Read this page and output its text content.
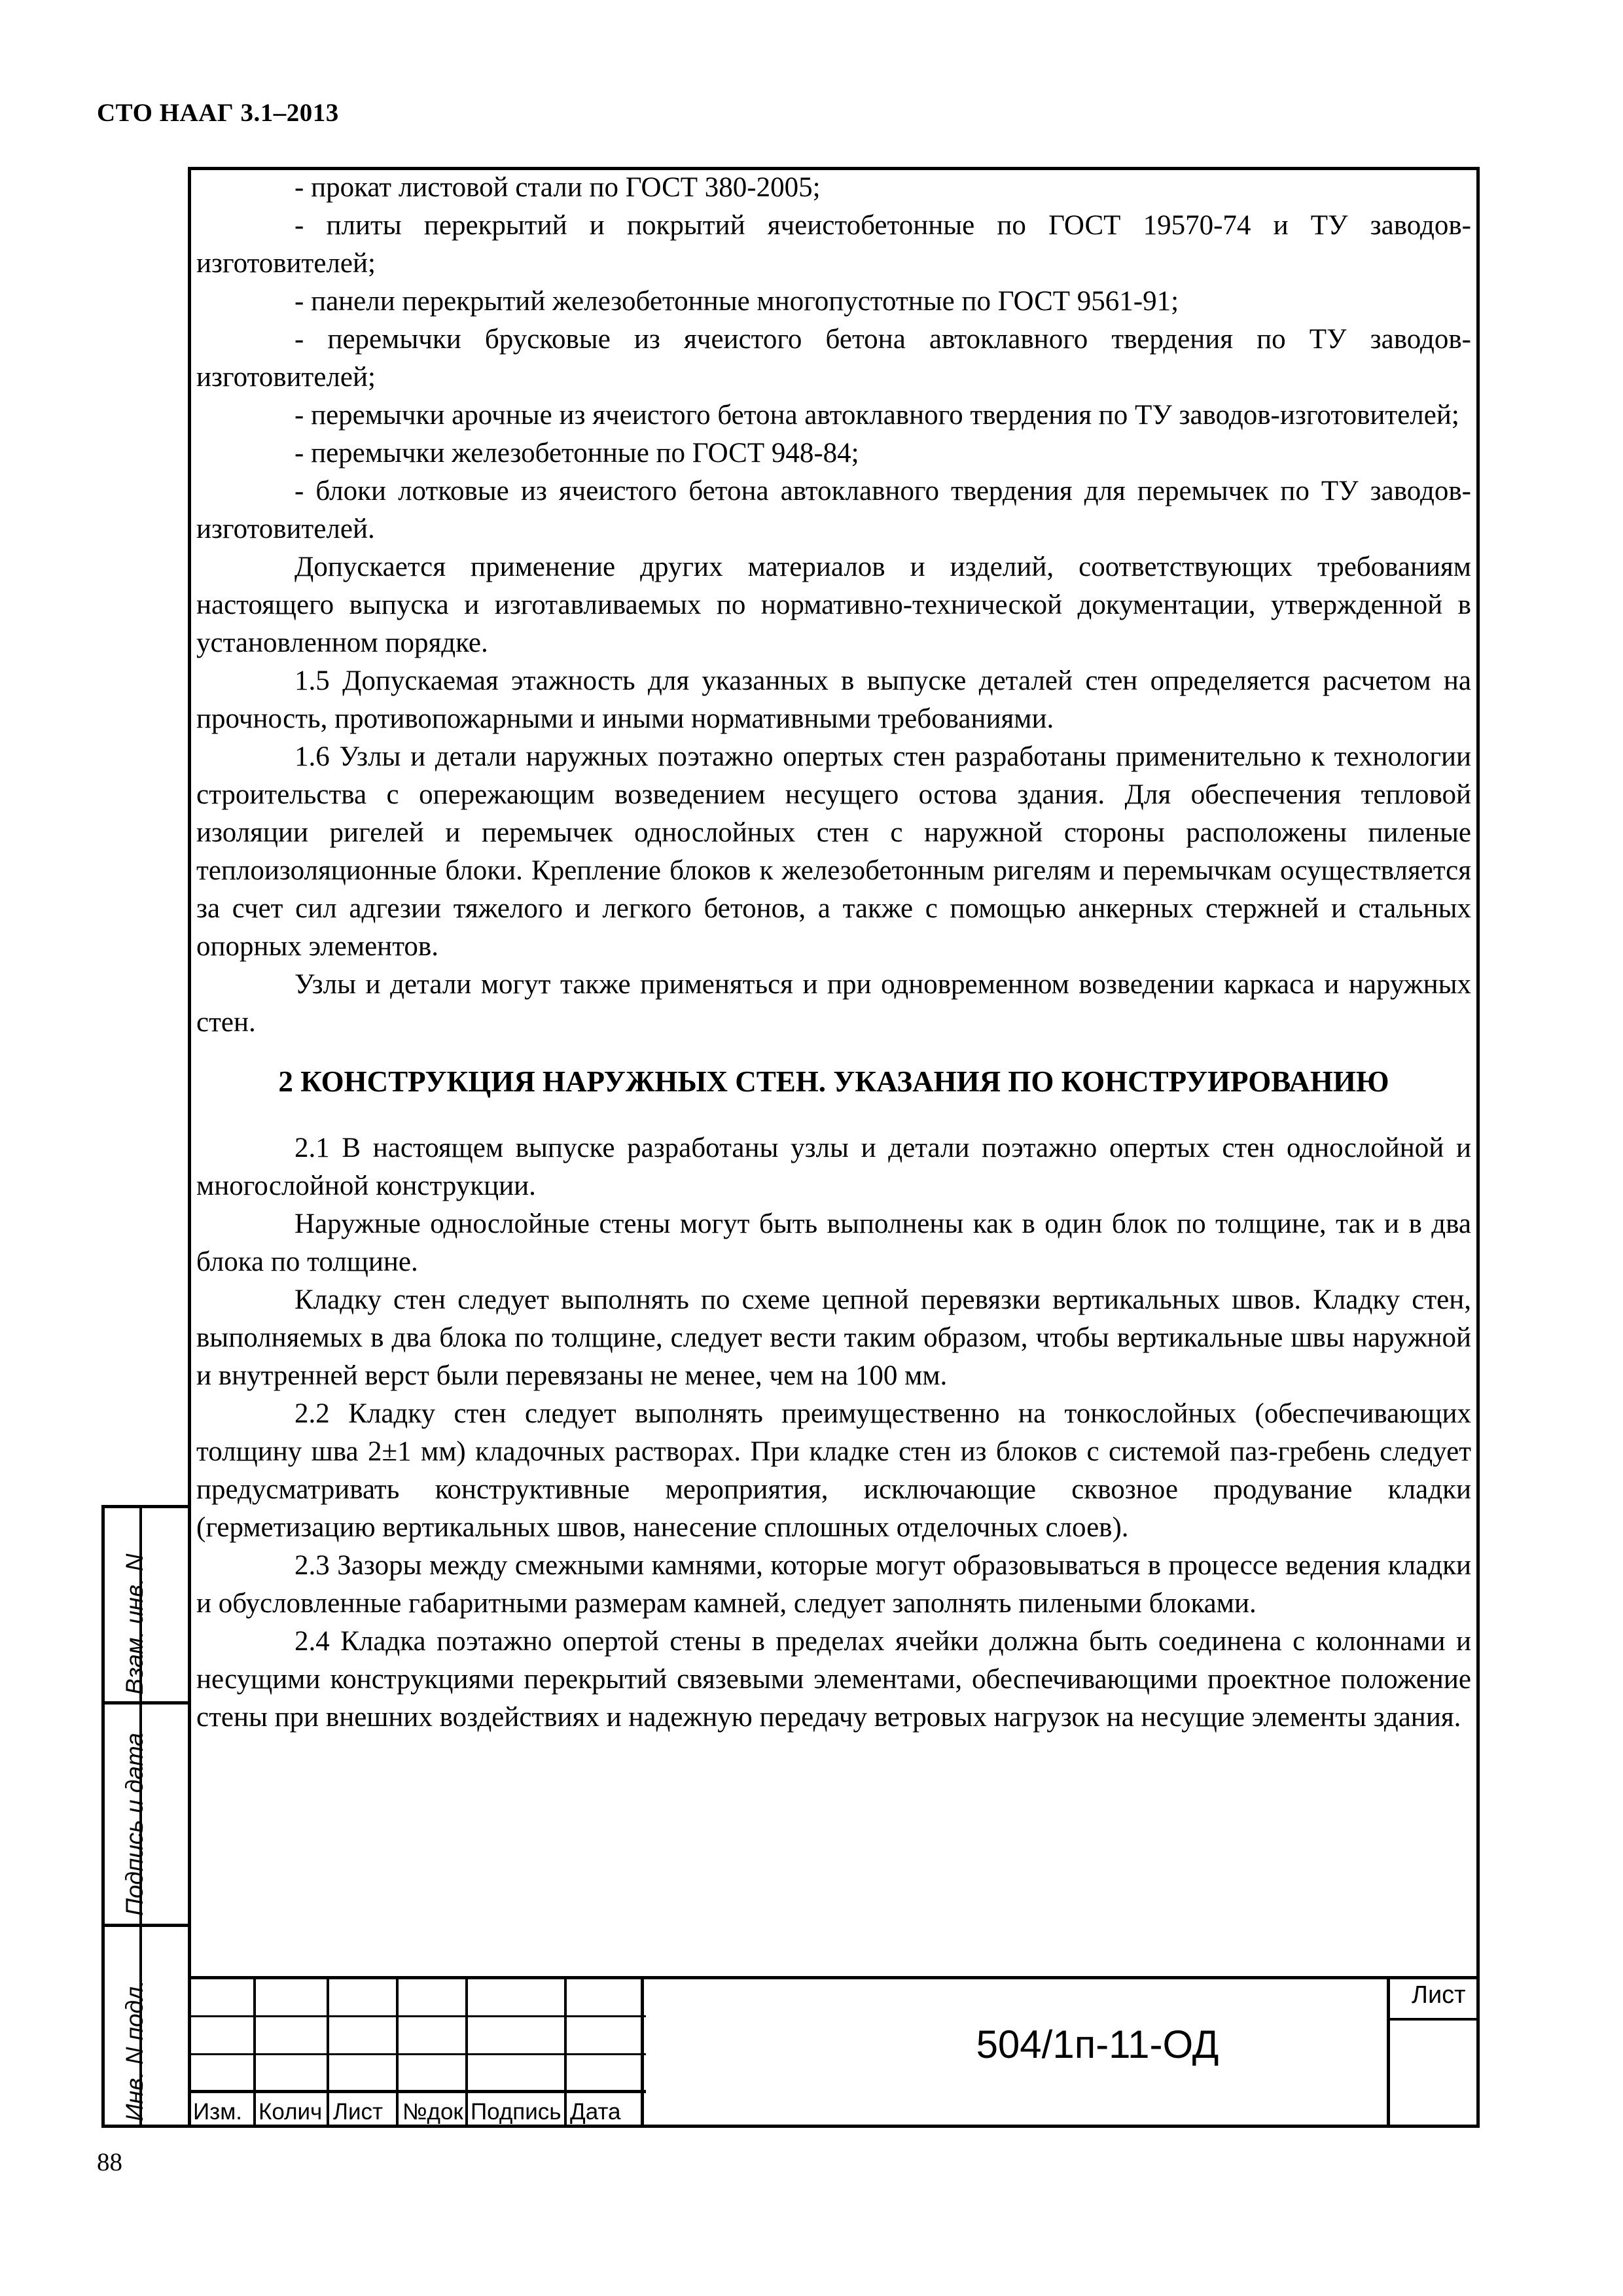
СТО НААГ 3.1–2013

- прокат листовой стали по ГОСТ 380-2005;

- плиты перекрытий и покрытий ячеистобетонные по ГОСТ 19570-74 и ТУ заводов-изготовителей;

- панели перекрытий железобетонные многопустотные по ГОСТ 9561-91;

- перемычки брусковые из ячеистого бетона автоклавного твердения по ТУ заводов-изготовителей;

- перемычки арочные из ячеистого бетона автоклавного твердения по ТУ заводов-изготовителей;

- перемычки железобетонные по ГОСТ 948-84;

- блоки лотковые из ячеистого бетона автоклавного твердения для перемычек по ТУ заводов-изготовителей.

Допускается применение других материалов и изделий, соответствующих требованиям настоящего выпуска и изготавливаемых по нормативно-технической документации, утвержденной в установленном порядке.

1.5 Допускаемая этажность для указанных в выпуске деталей стен определяется расчетом на прочность, противопожарными и иными нормативными требованиями.

1.6 Узлы и детали наружных поэтажно опертых стен разработаны применительно к технологии строительства с опережающим возведением несущего остова здания. Для обеспечения тепловой изоляции ригелей и перемычек однослойных стен с наружной стороны расположены пиленые теплоизоляционные блоки. Крепление блоков к железобетонным ригелям и перемычкам осуществляется за счет сил адгезии тяжелого и легкого бетонов, а также с помощью анкерных стержней и стальных опорных элементов.

Узлы и детали могут также применяться и при одновременном возведении каркаса и наружных стен.

2 КОНСТРУКЦИЯ НАРУЖНЫХ СТЕН. УКАЗАНИЯ ПО КОНСТРУИРОВАНИЮ

2.1 В настоящем выпуске разработаны узлы и детали поэтажно опертых стен однослойной и многослойной конструкции.

Наружные однослойные стены могут быть выполнены как в один блок по толщине, так и в два блока по толщине.

Кладку стен следует выполнять по схеме цепной перевязки вертикальных швов. Кладку стен, выполняемых в два блока по толщине, следует вести таким образом, чтобы вертикальные швы наружной и внутренней верст были перевязаны не менее, чем на 100 мм.

2.2 Кладку стен следует выполнять преимущественно на тонкослойных (обеспечивающих толщину шва 2±1 мм) кладочных растворах. При кладке стен из блоков с системой паз-гребень следует предусматривать конструктивные мероприятия, исключающие сквозное продувание кладки (герметизацию вертикальных швов, нанесение сплошных отделочных слоев).

2.3 Зазоры между смежными камнями, которые могут образовываться в процессе ведения кладки и обусловленные габаритными размерам камней, следует заполнять пилеными блоками.

2.4 Кладка поэтажно опертой стены в пределах ячейки должна быть соединена с колоннами и несущими конструкциями перекрытий связевыми элементами, обеспечивающими проектное положение стены при внешних воздействиях и надежную передачу ветровых нагрузок на несущие элементы здания.

Взам. инв. N
Подпись и дата
Инв. N подл. Изм. Колич Лист №док Подпись Дата
504/1п-11-ОД
Лист
88
